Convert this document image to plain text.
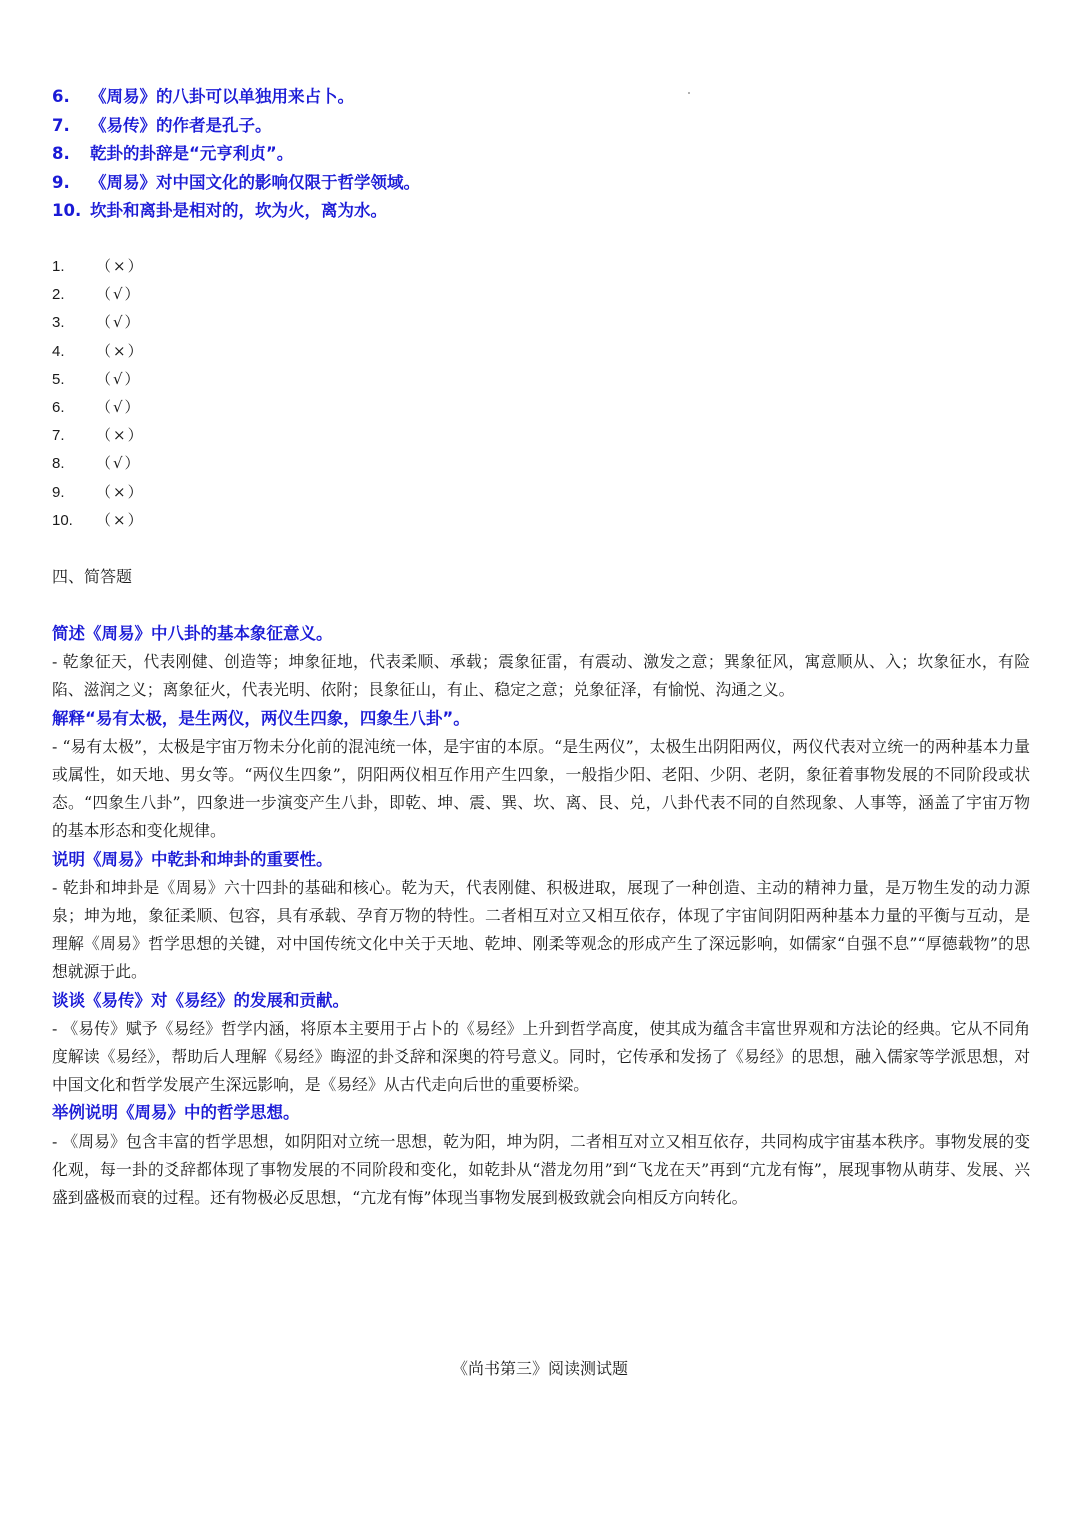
6. 《周易》的八卦可以单独用来占卜。
7. 《易传》的作者是孔子。
8. 乾卦的卦辞是“元亨利贞”。
9. 《周易》对中国文化的影响仅限于哲学领域。
10. 坎卦和离卦是相对的，坎为火，离为水。
1. （×）
2. （√）
3. （√）
4. （×）
5. （√）
6. （√）
7. （×）
8. （√）
9. （×）
10. （×）
四、简答题
简述《周易》中八卦的基本象征意义。
- 乾象征天，代表刚健、创造等；坤象征地，代表柔顺、承载；震象征雷，有震动、激发之意；巽象征风，寓意顺从、入；坎象征水，有险陷、滋润之义；离象征火，代表光明、依附；艮象征山，有止、稳定之意；兑象征泽，有愉悦、沟通之义。
解释“易有太极，是生两仪，两仪生四象，四象生八卦”。
- “易有太极”，太极是宇宙万物未分化前的混沌统一体，是宇宙的本原。“是生两仪”，太极生出阴阳两仪，两仪代表对立统一的两种基本力量或属性，如天地、男女等。“两仪生四象”，阴阳两仪相互作用产生四象，一般指少阳、老阳、少阴、老阴，象征着事物发展的不同阶段或状态。“四象生八卦”，四象进一步演变产生八卦，即乾、坤、震、巽、坎、离、艮、兑，八卦代表不同的自然现象、人事等，涵盖了宇宙万物的基本形态和变化规律。
说明《周易》中乾卦和坤卦的重要性。
- 乾卦和坤卦是《周易》六十四卦的基础和核心。乾为天，代表刚健、积极进取，展现了一种创造、主动的精神力量，是万物生发的动力源泉；坤为地，象征柔顺、包容，具有承载、孕育万物的特性。二者相互对立又相互依存，体现了宇宙间阴阳两种基本力量的平衡与互动，是理解《周易》哲学思想的关键，对中国传统文化中关于天地、乾坤、刚柔等观念的形成产生了深远影响，如儒家“自强不息”“厚德载物”的思想就源于此。
谈谈《易传》对《易经》的发展和贡献。
- 《易传》赋予《易经》哲学内涵，将原本主要用于占卜的《易经》上升到哲学高度，使其成为蕴含丰富世界观和方法论的经典。它从不同角度解读《易经》，帮助后人理解《易经》晦涩的卦爻辞和深奥的符号意义。同时，它传承和发扬了《易经》的思想，融入儒家等学派思想，对中国文化和哲学发展产生深远影响，是《易经》从古代走向后世的重要桥梁。
举例说明《周易》中的哲学思想。
- 《周易》包含丰富的哲学思想，如阴阳对立统一思想，乾为阳，坤为阴，二者相互对立又相互依存，共同构成宇宙基本秩序。事物发展的变化观，每一卦的爻辞都体现了事物发展的不同阶段和变化，如乾卦从“潜龙勿用”到“飞龙在天”再到“亢龙有悔”，展现事物从萌芽、发展、兴盛到盛极而衰的过程。还有物极必反思想，“亢龙有悔”体现当事物发展到极致就会向相反方向转化。
《尚书第三》阅读测试题
